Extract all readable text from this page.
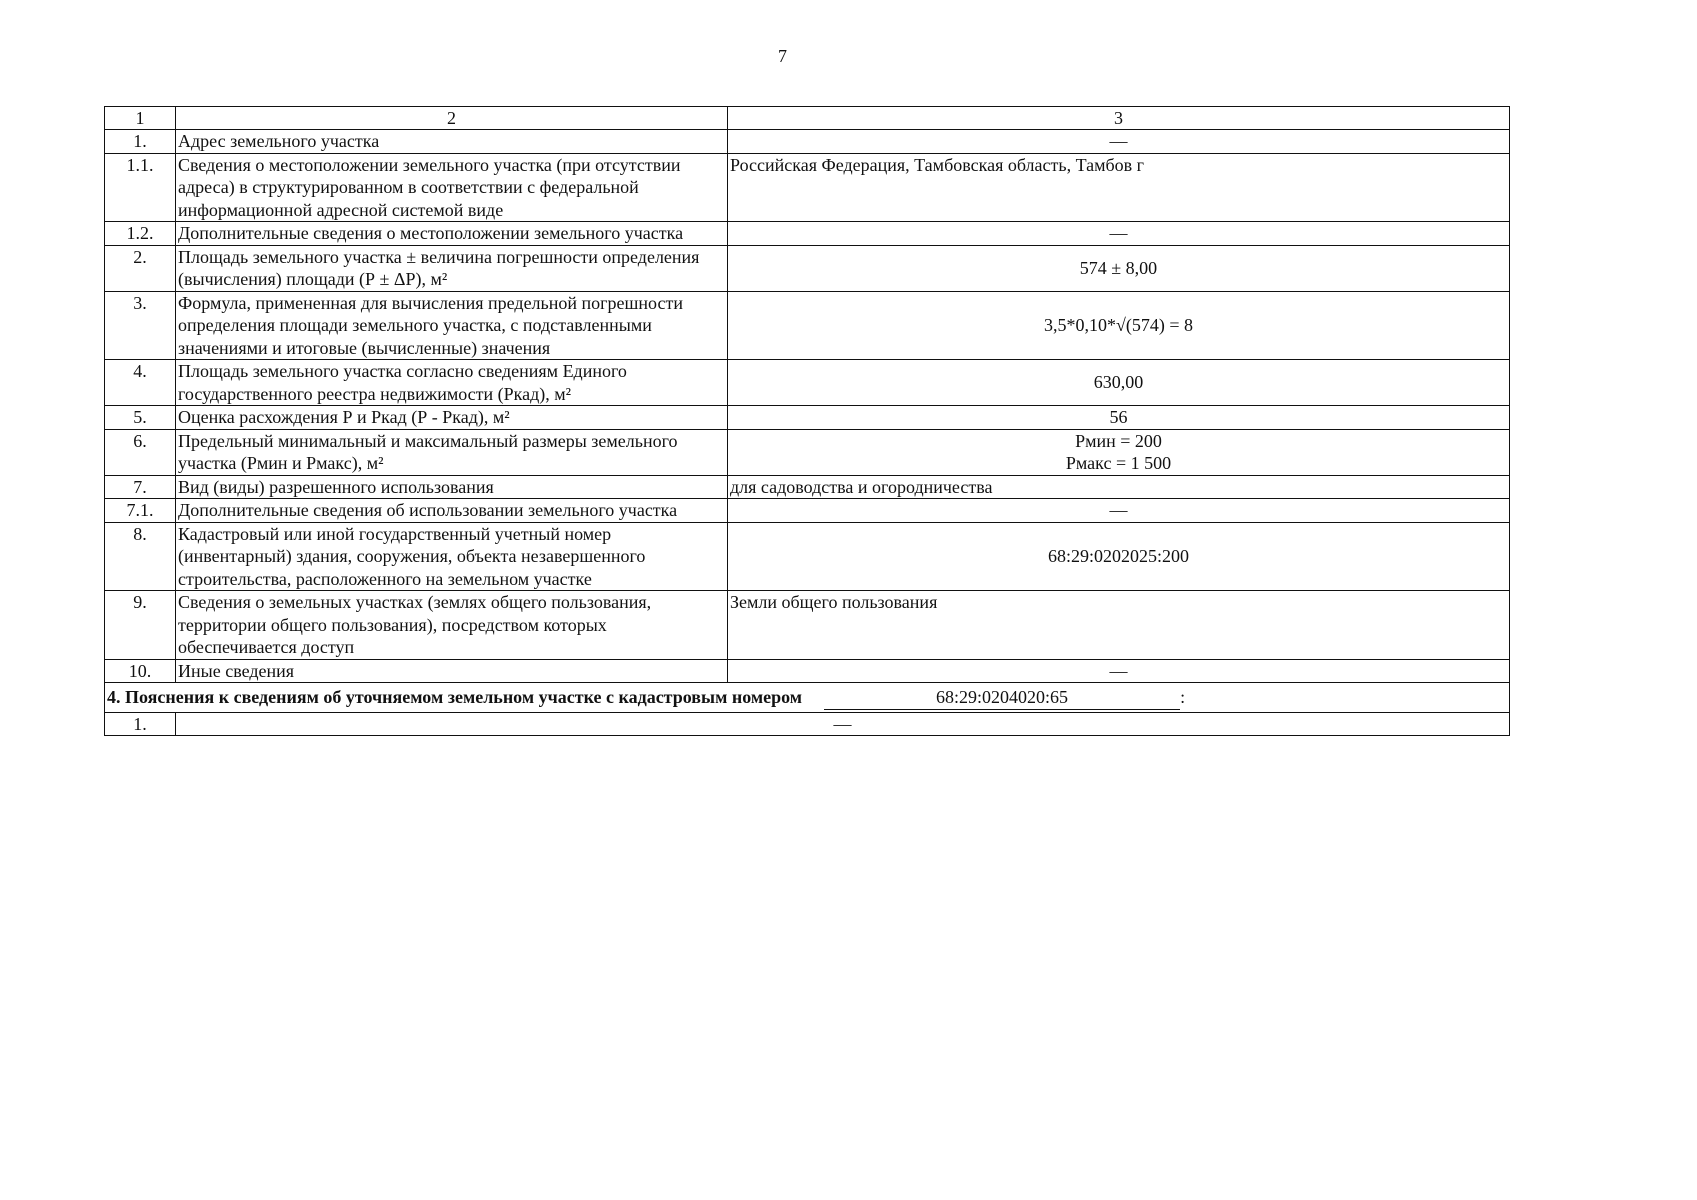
7
1	2	3
1.	Адрес земельного участка	—
1.1.	Сведения о местоположении земельного участка (при отсутствии адреса) в структурированном в соответствии с федеральной информационной адресной системой виде	Российская Федерация, Тамбовская область, Тамбов г
1.2.	Дополнительные сведения о местоположении земельного участка	—
2.	Площадь земельного участка ± величина погрешности определения (вычисления) площади (Р ± ΔР), м²	574 ± 8,00
3.	Формула, примененная для вычисления предельной погрешности определения площади земельного участка, с подставленными значениями и итоговые (вычисленные) значения	3,5*0,10*√(574) = 8
4.	Площадь земельного участка согласно сведениям Единого государственного реестра недвижимости (Ркад), м²	630,00
5.	Оценка расхождения Р и Ркад (Р - Ркад), м²	56
6.	Предельный минимальный и максимальный размеры земельного участка (Рмин и Рмакс), м²	Рмин = 200
Рмакс = 1 500

7.	Вид (виды) разрешенного использования	для садоводства и огородничества
7.1.	Дополнительные сведения об использовании земельного участка	—
8.	Кадастровый или иной государственный учетный номер (инвентарный) здания, сооружения, объекта незавершенного строительства, расположенного на земельном участке	68:29:0202025:200
9.	Сведения о земельных участках (землях общего пользования, территории общего пользования), посредством которых обеспечивается доступ	Земли общего пользования
10.	Иные сведения	—
4. Пояснения к сведениям об уточняемом земельном участке с кадастровым номером 68:29:0204020:65 :		
1.	—	
